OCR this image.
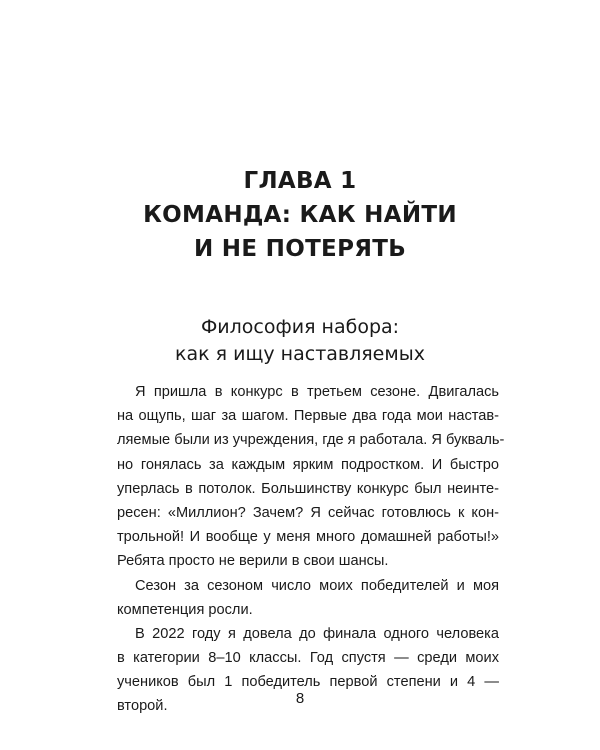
ГЛАВА 1
КОМАНДА: КАК НАЙТИ
И НЕ ПОТЕРЯТЬ
Философия набора:
как я ищу наставляемых
Я пришла в конкурс в третьем сезоне. Двигалась
на ощупь, шаг за шагом. Первые два года мои настав-
ляемые были из учреждения, где я работала. Я букваль-
но гонялась за каждым ярким подростком. И быстро
уперлась в потолок. Большинству конкурс был неинте-
ресен: «Миллион? Зачем? Я сейчас готовлюсь к кон-
трольной! И вообще у меня много домашней работы!»
Ребята просто не верили в свои шансы.
Сезон за сезоном число моих победителей и моя
компетенция росли.
В 2022 году я довела до финала одного человека
в категории 8–10 классы. Год спустя — среди моих
учеников был 1 победитель первой степени и 4 —
второй.	8
